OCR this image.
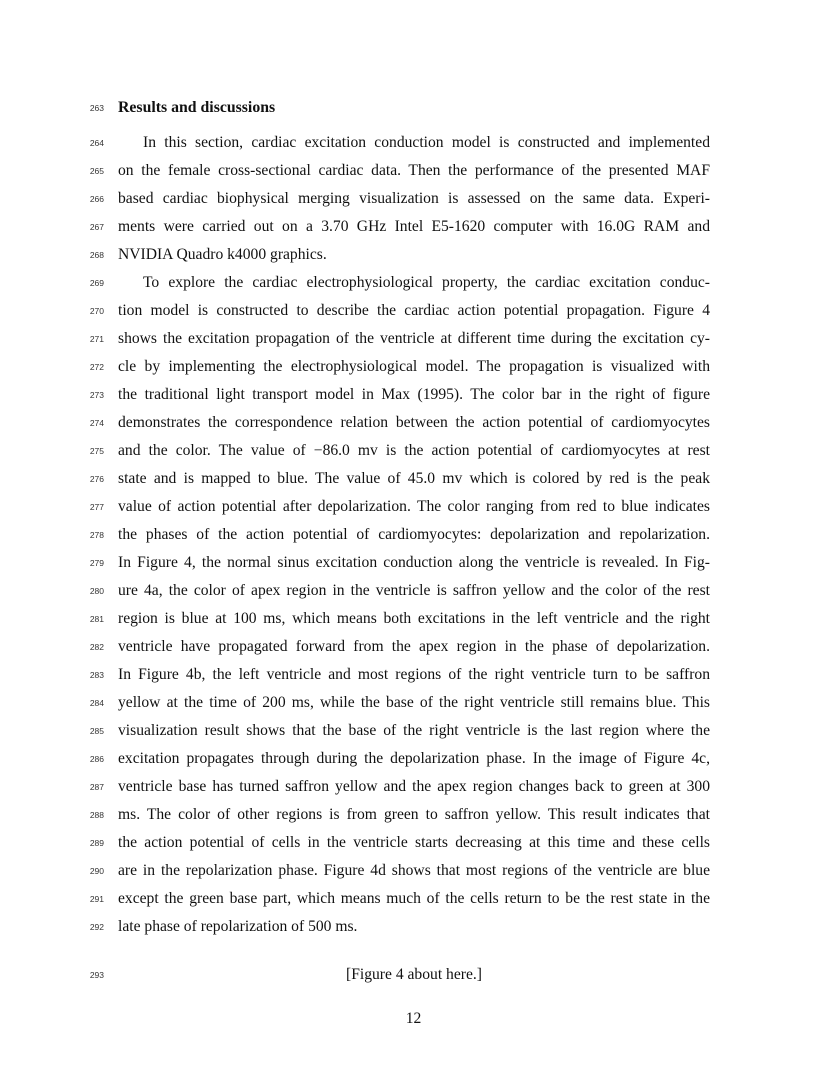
263 Results and discussions
264	In this section, cardiac excitation conduction model is constructed and implemented
265 on the female cross-sectional cardiac data. Then the performance of the presented MAF
266 based cardiac biophysical merging visualization is assessed on the same data. Experi-
267 ments were carried out on a 3.70 GHz Intel E5-1620 computer with 16.0G RAM and
268 NVIDIA Quadro k4000 graphics.
269	To explore the cardiac electrophysiological property, the cardiac excitation conduc-
270 tion model is constructed to describe the cardiac action potential propagation. Figure 4
271 shows the excitation propagation of the ventricle at different time during the excitation cy-
272 cle by implementing the electrophysiological model. The propagation is visualized with
273 the traditional light transport model in Max (1995). The color bar in the right of figure
274 demonstrates the correspondence relation between the action potential of cardiomyocytes
275 and the color. The value of −86.0 mv is the action potential of cardiomyocytes at rest
276 state and is mapped to blue. The value of 45.0 mv which is colored by red is the peak
277 value of action potential after depolarization. The color ranging from red to blue indicates
278 the phases of the action potential of cardiomyocytes: depolarization and repolarization.
279 In Figure 4, the normal sinus excitation conduction along the ventricle is revealed. In Fig-
280 ure 4a, the color of apex region in the ventricle is saffron yellow and the color of the rest
281 region is blue at 100 ms, which means both excitations in the left ventricle and the right
282 ventricle have propagated forward from the apex region in the phase of depolarization.
283 In Figure 4b, the left ventricle and most regions of the right ventricle turn to be saffron
284 yellow at the time of 200 ms, while the base of the right ventricle still remains blue. This
285 visualization result shows that the base of the right ventricle is the last region where the
286 excitation propagates through during the depolarization phase. In the image of Figure 4c,
287 ventricle base has turned saffron yellow and the apex region changes back to green at 300
288 ms. The color of other regions is from green to saffron yellow. This result indicates that
289 the action potential of cells in the ventricle starts decreasing at this time and these cells
290 are in the repolarization phase. Figure 4d shows that most regions of the ventricle are blue
291 except the green base part, which means much of the cells return to be the rest state in the
292 late phase of repolarization of 500 ms.
293	[Figure 4 about here.]
12
